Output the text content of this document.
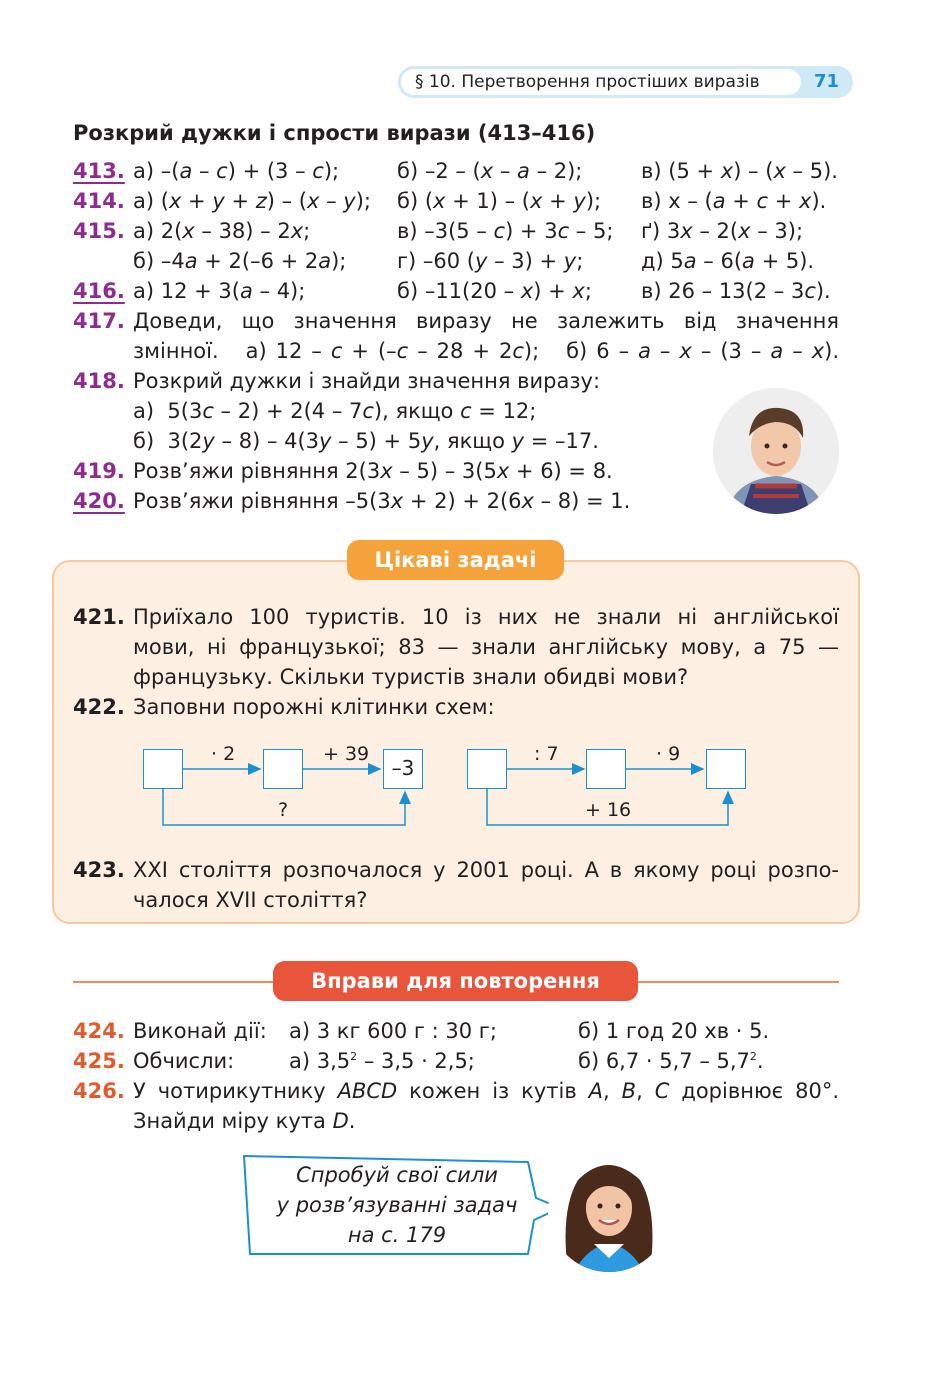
§ 10. Перетворення простіших виразів	71
Розкрий дужки і спрости вирази (413–416)
413. а) –(а – с) + (3 – с);	б) –2 – (х – а – 2);	в) (5 + х) – (х – 5).
414. а) (х + у + z) – (х – у); б) (х + 1) – (х + у); в) х – (а + с + х).
415. а) 2(х – 38) – 2х;	в) –3(5 – с) + 3с – 5; ґ) 3х – 2(х – 3);
б) –4а + 2(–6 + 2а); г) –60 (у – 3) + у;	д) 5а – 6(а + 5).
416. а) 12 + 3(а – 4);	б) –11(20 – х) + х; в) 26 – 13(2 – 3с).
417. Доведи, що значення виразу не залежить від значення
змінної.   а) 12 – с + (–с – 28 + 2с);   б) 6 – а – х – (3 – а – х).
418. Розкрий дужки і знайди значення виразу:
а)  5(3с – 2) + 2(4 – 7с), якщо с = 12;
б)  3(2у – 8) – 4(3у – 5) + 5у, якщо у = –17.
419. Розв’яжи рівняння 2(3х – 5) – 3(5х + 6) = 8.
420. Розв’яжи рівняння –5(3х + 2) + 2(6х – 8) = 1.
Цікаві задачі
421. Приїхало 100 туристів. 10 із них не знали ні англійської
мови, ні французької; 83 — знали англійську мову, а 75 —
французьку. Скільки туристів знали обидві мови?
422. Заповни порожні клітинки схем:
–3
· 2	+ 39
?
: 7	· 9
+ 16
423. XXI століття розпочалося у 2001 році. А в якому році розпо-
чалося XVII століття?
Вправи для повторення
424. Виконай дії: а) 3 кг 600 г : 30 г;	б) 1 год 20 хв · 5.
425. Обчисли:	а) $3,5^2 - 3,5 \cdot 2,5$;	б) $6,7 \cdot 5,7 - 5,7^2$.
426. У чотирикутнику ABCD кожен із кутів A, B, C дорівнює 80°.
Знайди міру кута D.
Спробуй свої сили
у розв’язуванні задач
на с. 179
